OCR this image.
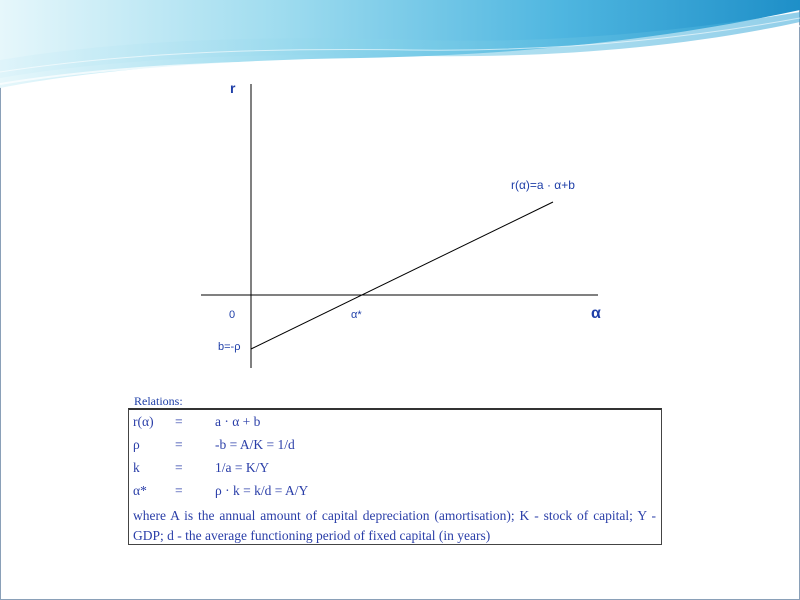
r
α
0
b=-ρ
α*
r(α)=a · α+b
Relations:
r(α) = a · α + b
ρ	= -b = A/K = 1/d
k	= 1/a = K/Y
α* = ρ · k = k/d = A/Y
where A is the annual amount of capital depreciation (amortisation); K - stock of capital; Y - GDP; d - the average functioning period of fixed capital (in years)
